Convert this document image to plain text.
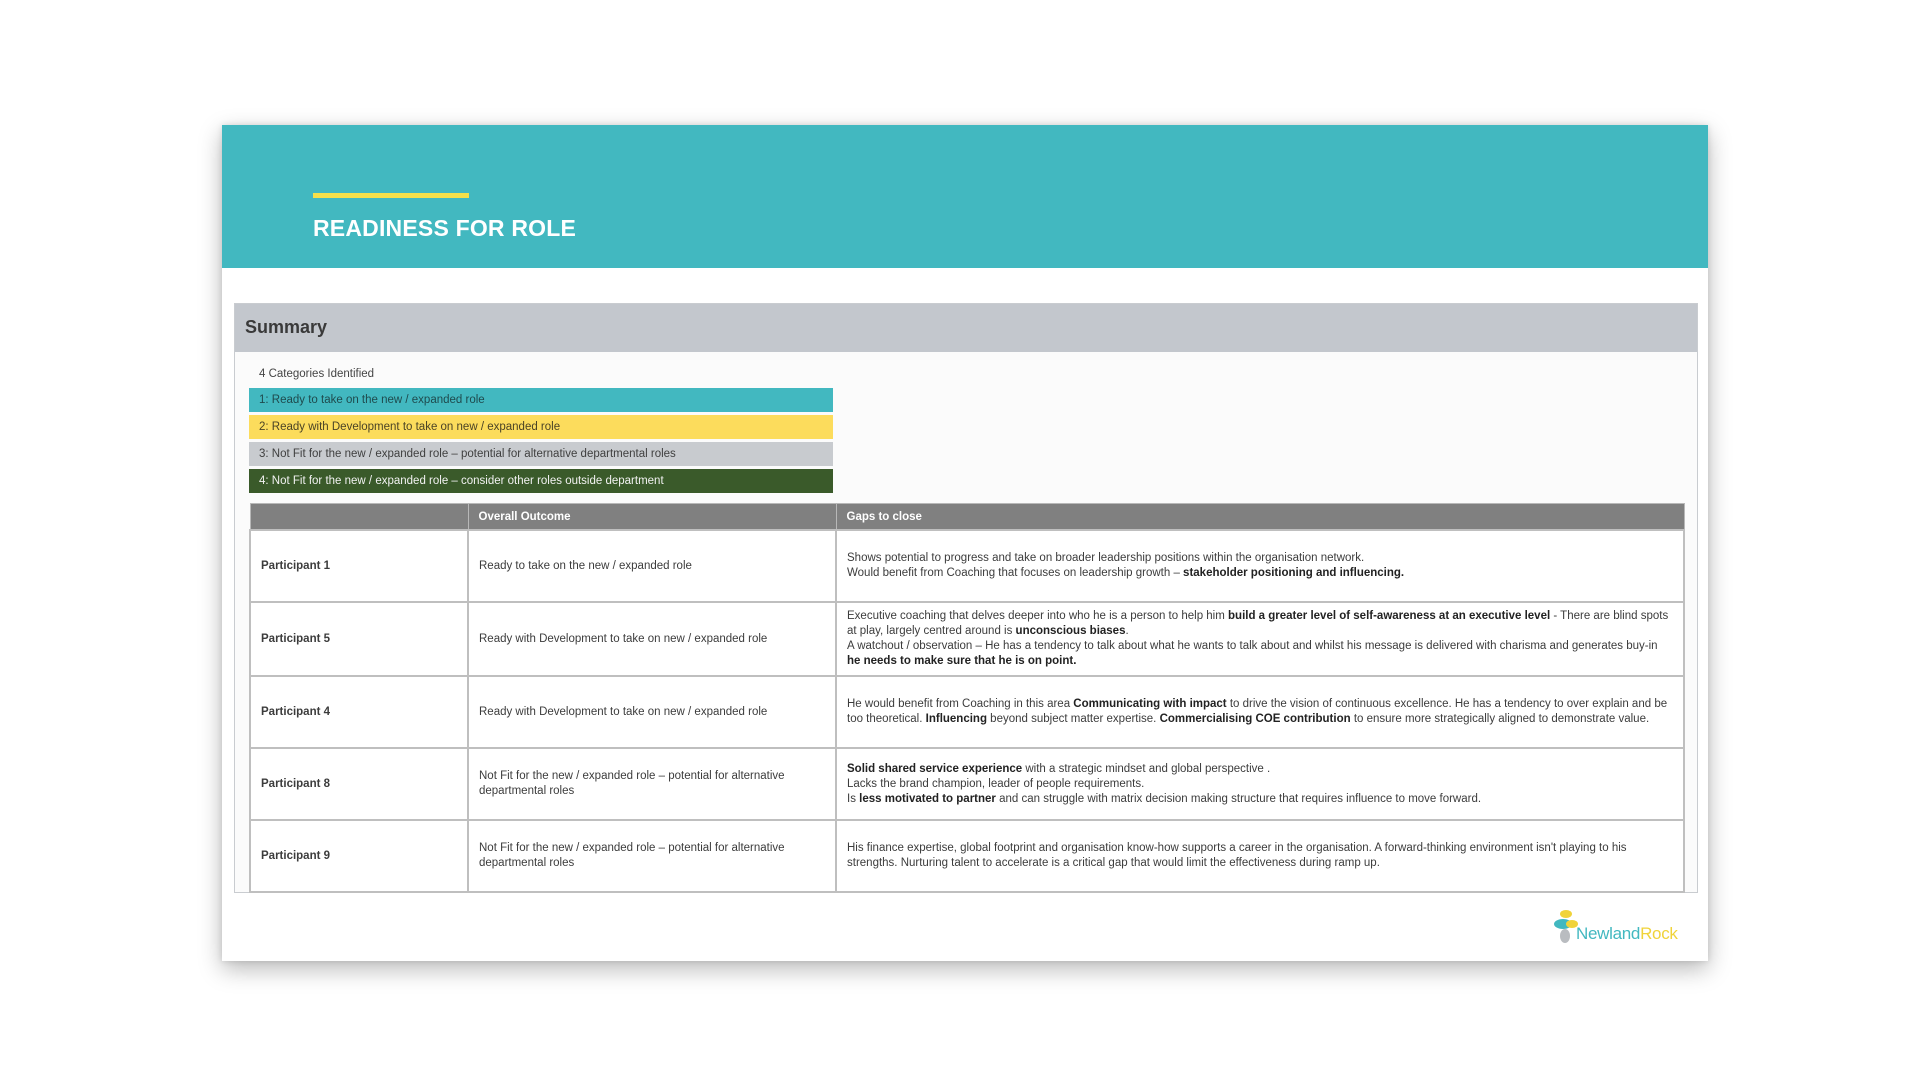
READINESS FOR ROLE
Summary
4 Categories Identified
1: Ready to take on the new / expanded role
2: Ready with Development to take on new / expanded role
3: Not Fit for the new / expanded role – potential for alternative departmental roles
4: Not Fit for the new / expanded role – consider other roles outside department
	Overall Outcome	Gaps to close
Participant 1	Ready to take on the new / expanded role	Shows potential to progress and take on broader leadership positions within the organisation network.
Would benefit from Coaching that focuses on leadership growth – stakeholder positioning and influencing.
Participant 5	Ready with Development to take on new / expanded role	Executive coaching that delves deeper into who he is a person to help him build a greater level of self-awareness at an executive level - There are blind spots at play, largely centred around is unconscious biases.
A watchout / observation – He has a tendency to talk about what he wants to talk about and whilst his message is delivered with charisma and generates buy-in he needs to make sure that he is on point.
Participant 4	Ready with Development to take on new / expanded role	He would benefit from Coaching in this area Communicating with impact to drive the vision of continuous excellence. He has a tendency to over explain and be too theoretical. Influencing beyond subject matter expertise. Commercialising COE contribution to ensure more strategically aligned to demonstrate value.
Participant 8	Not Fit for the new / expanded role – potential for alternative departmental roles	Solid shared service experience with a strategic mindset and global perspective .
Lacks the brand champion, leader of people requirements.
Is less motivated to partner and can struggle with matrix decision making structure that requires influence to move forward.
Participant 9	Not Fit for the new / expanded role – potential for alternative departmental roles	His finance expertise, global footprint and organisation know-how supports a career in the organisation. A forward-thinking environment isn't playing to his strengths. Nurturing talent to accelerate is a critical gap that would limit the effectiveness during ramp up.
NewlandRock
